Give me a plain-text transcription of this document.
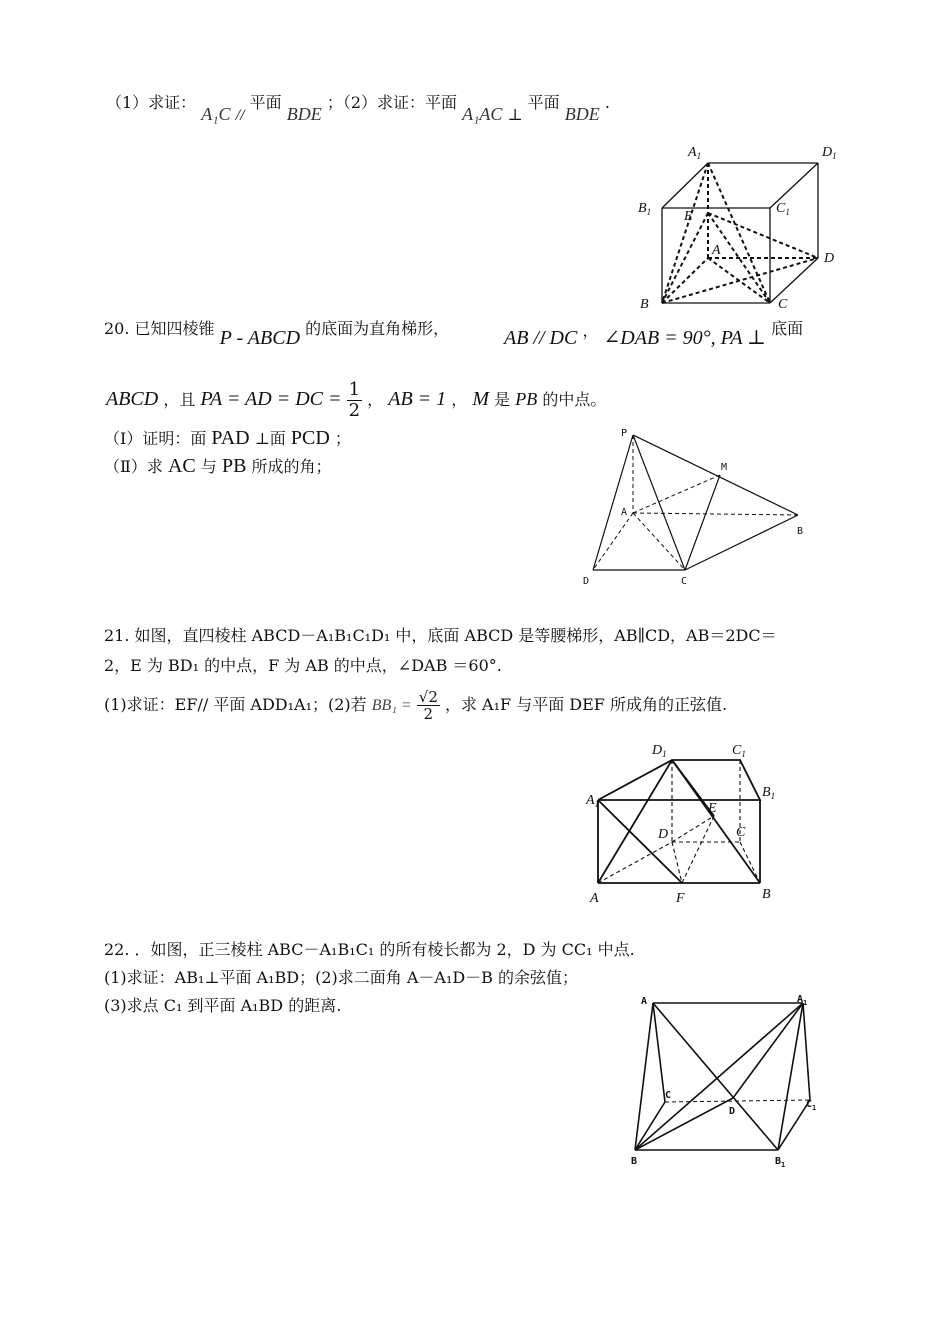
（1）求证： A₁C // 平面 BDE ；（2）求证：平面 A₁AC ⊥ 平面 BDE .
$A_1$	$D_1$
$B_1$	$C_1$
E
A
D
B	C
20. 已知四棱锥 P - ABCD 的底面为直角梯形，	AB // DC ， ∠DAB = 90°, PA ⊥ 底面
ABCD ，且 PA = AD = DC = $\frac{1}{2}$ ， AB = 1 ， M 是 PB 的中点。
（Ⅰ）证明：面 PAD ⊥面 PCD ；
（Ⅱ）求 AC 与 PB 所成的角；
P
M
A
B
D	C
21. 如图，直四棱柱 ABCD－A₁B₁C₁D₁ 中，底面 ABCD 是等腰梯形，AB∥CD，AB＝2DC＝
2，E 为 BD₁ 的中点，F 为 AB 的中点，∠DAB ＝60°.
(1)求证：EF// 平面 ADD₁A₁；(2)若 $BB_1 = \frac{√2}{2}$ ，求 A₁F 与平面 DEF 所成角的正弦值.
$D_1$	$C_1$
$A_1$
$B_1$
E
D	C
A	F	B
22. ．如图，正三棱柱 ABC－A₁B₁C₁ 的所有棱长都为 2，D 为 CC₁ 中点.
(1)求证：AB₁⊥平面 A₁BD；(2)求二面角 A－A₁D－B 的余弦值；
(3)求点 C₁ 到平面 A₁BD 的距离.	A	$A_1$
C
D
$C_1$
B	$B_1$
